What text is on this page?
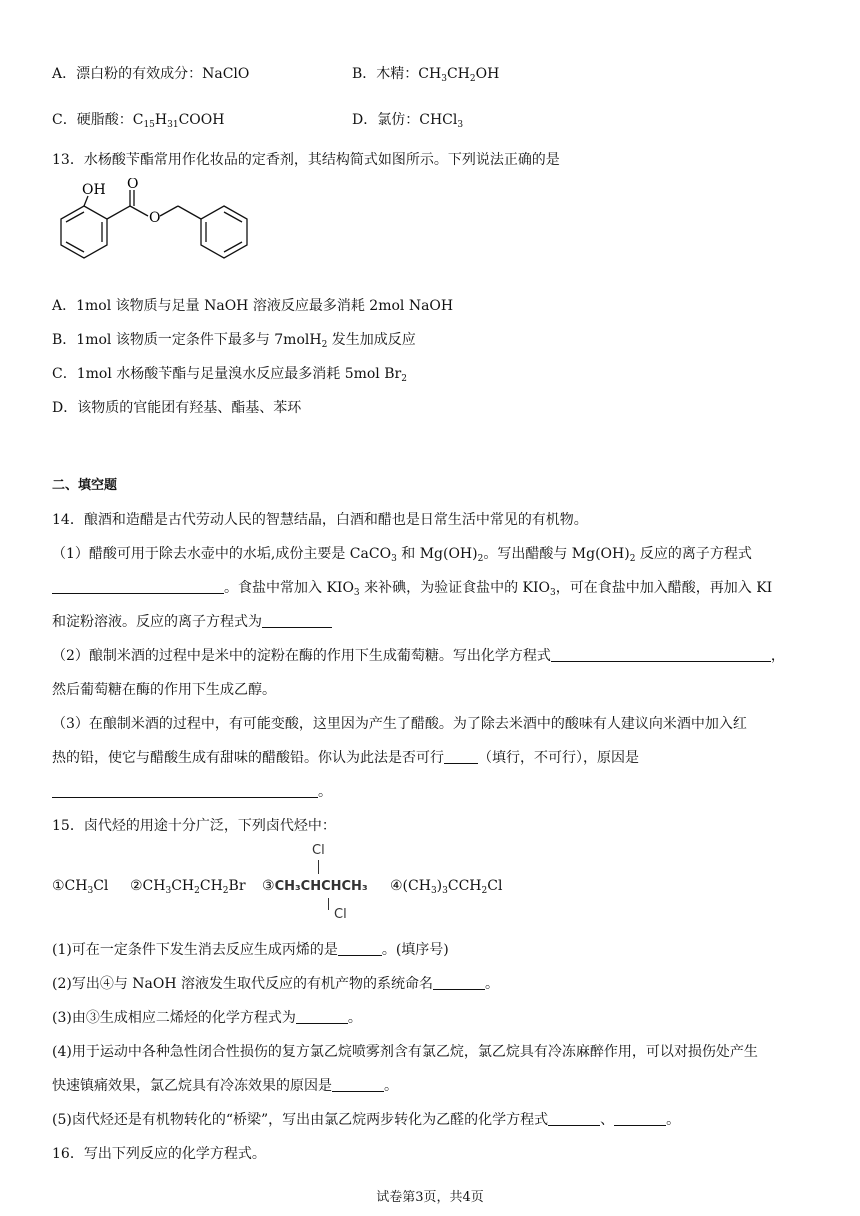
A．漂白粉的有效成分：NaClO	B．木精：$CH_3CH_2OH$
C．硬脂酸：$C_{15}H_{31}COOH$	D．氯仿：CHCl$_3$
13．水杨酸苄酯常用作化妆品的定香剂，其结构简式如图所示。下列说法正确的是
OH O
O
A．1mol 该物质与足量 NaOH 溶液反应最多消耗 2mol NaOH
B．1mol 该物质一定条件下最多与 7molH$_2$ 发生加成反应
C．1mol 水杨酸苄酯与足量溴水反应最多消耗 5mol $Br_2$
D．该物质的官能团有羟基、酯基、苯环
二、填空题
14．酿酒和造醋是古代劳动人民的智慧结晶，白酒和醋也是日常生活中常见的有机物。
（1）醋酸可用于除去水壶中的水垢,成份主要是 CaCO$_3$ 和 $Mg(OH)_2$。写出醋酸与 $Mg(OH)_2$ 反应的离子方程式
。食盐中常加入 $KIO_3$ 来补碘，为验证食盐中的 $KIO_3$，可在食盐中加入醋酸，再加入 KI
和淀粉溶液。反应的离子方程式为
（2）酿制米酒的过程中是米中的淀粉在酶的作用下生成葡萄糖。写出化学方程式	，
然后葡萄糖在酶的作用下生成乙醇。
（3）在酿制米酒的过程中，有可能变酸，这里因为产生了醋酸。为了除去米酒中的酸味有人建议向米酒中加入红
热的铅，使它与醋酸生成有甜味的醋酸铅。你认为此法是否可行 （填行，不可行），原因是
。
15．卤代烃的用途十分广泛，下列卤代烃中：
$①CH_3Cl$ $②CH_3CH_2CH_2Br$ ③CH₃CHCHCH₃
Cl
Cl
$④(CH_3)_3CCH_2Cl$
(1)可在一定条件下发生消去反应生成丙烯的是	。(填序号)
(2)写出④与 NaOH 溶液发生取代反应的有机产物的系统命名	。
(3)由③生成相应二烯烃的化学方程式为	。
(4)用于运动中各种急性闭合性损伤的复方氯乙烷喷雾剂含有氯乙烷，氯乙烷具有冷冻麻醉作用，可以对损伤处产生
快速镇痛效果，氯乙烷具有冷冻效果的原因是	。
(5)卤代烃还是有机物转化的“桥梁”，写出由氯乙烷两步转化为乙醛的化学方程式	、	。
16．写出下列反应的化学方程式。
试卷第3页，共4页
